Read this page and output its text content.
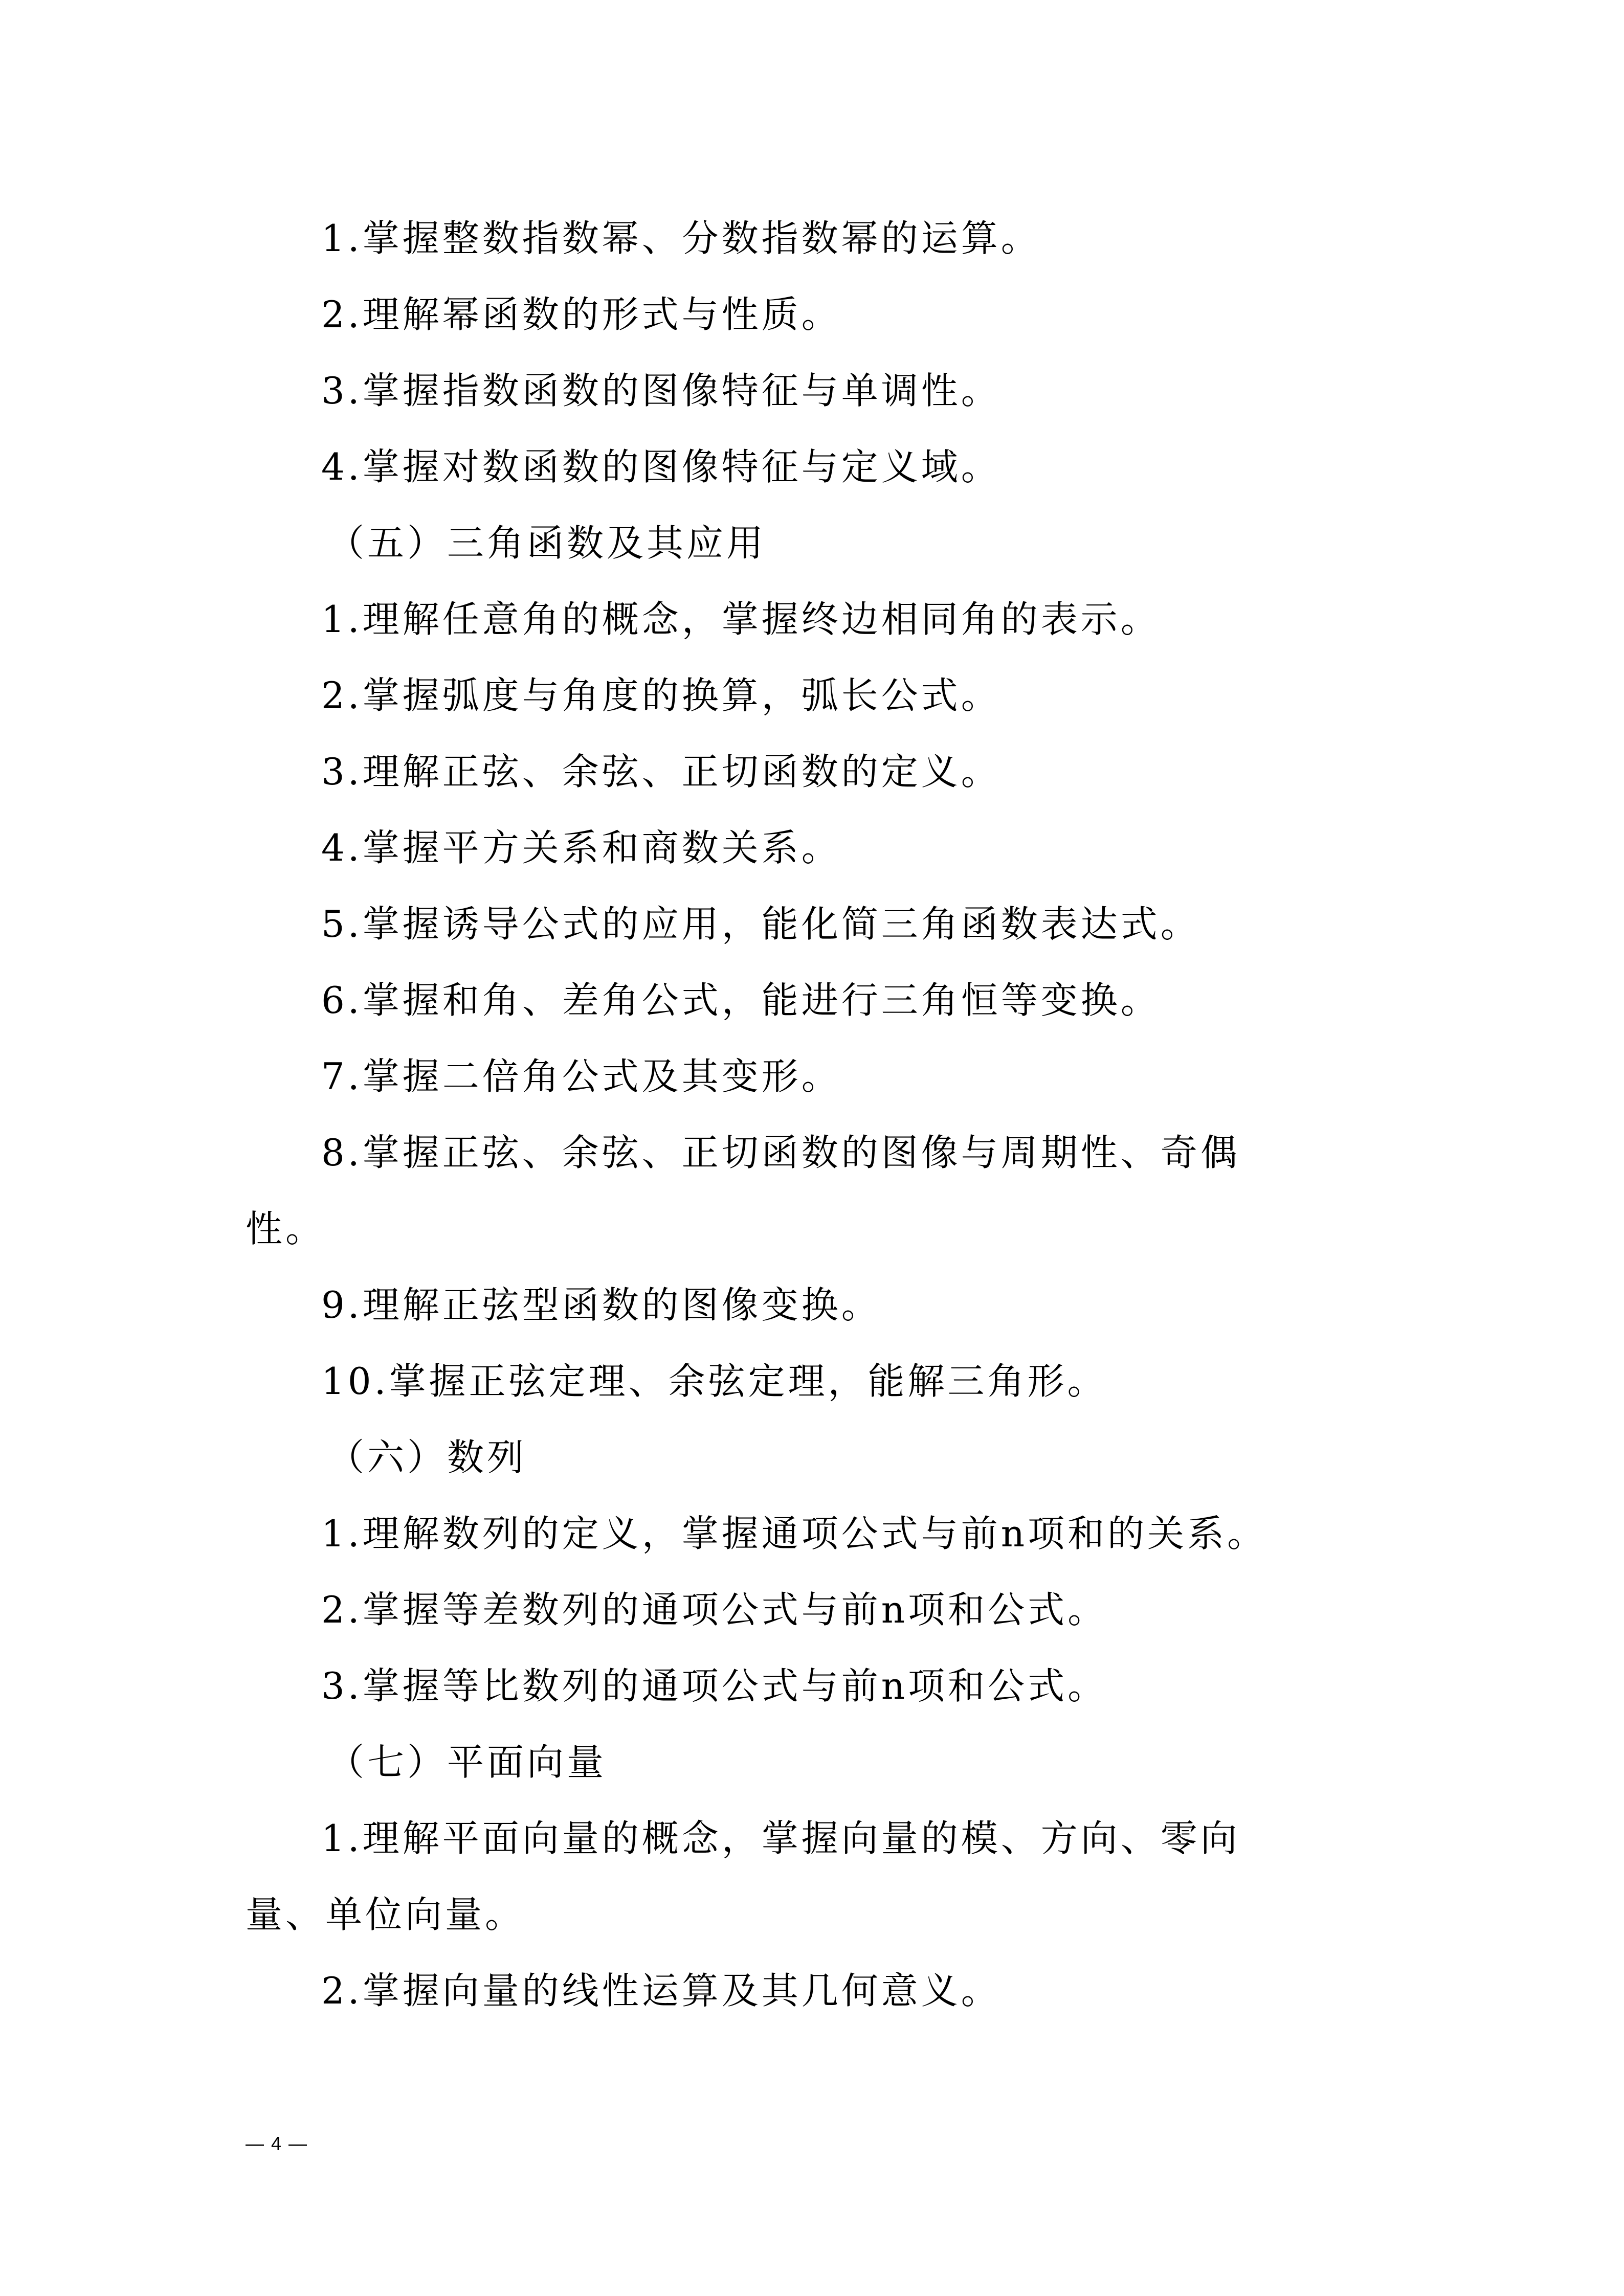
1.掌握整数指数幂、分数指数幂的运算。
2.理解幂函数的形式与性质。
3.掌握指数函数的图像特征与单调性。
4.掌握对数函数的图像特征与定义域。
（五）三角函数及其应用
1.理解任意角的概念，掌握终边相同角的表示。
2.掌握弧度与角度的换算，弧长公式。
3.理解正弦、余弦、正切函数的定义。
4.掌握平方关系和商数关系。
5.掌握诱导公式的应用，能化简三角函数表达式。
6.掌握和角、差角公式，能进行三角恒等变换。
7.掌握二倍角公式及其变形。
8.掌握正弦、余弦、正切函数的图像与周期性、奇偶
性。
9.理解正弦型函数的图像变换。
10.掌握正弦定理、余弦定理，能解三角形。
（六）数列
1.理解数列的定义，掌握通项公式与前n项和的关系。
2.掌握等差数列的通项公式与前n项和公式。
3.掌握等比数列的通项公式与前n项和公式。
（七）平面向量
1.理解平面向量的概念，掌握向量的模、方向、零向
量、单位向量。
2.掌握向量的线性运算及其几何意义。
— 4 —
